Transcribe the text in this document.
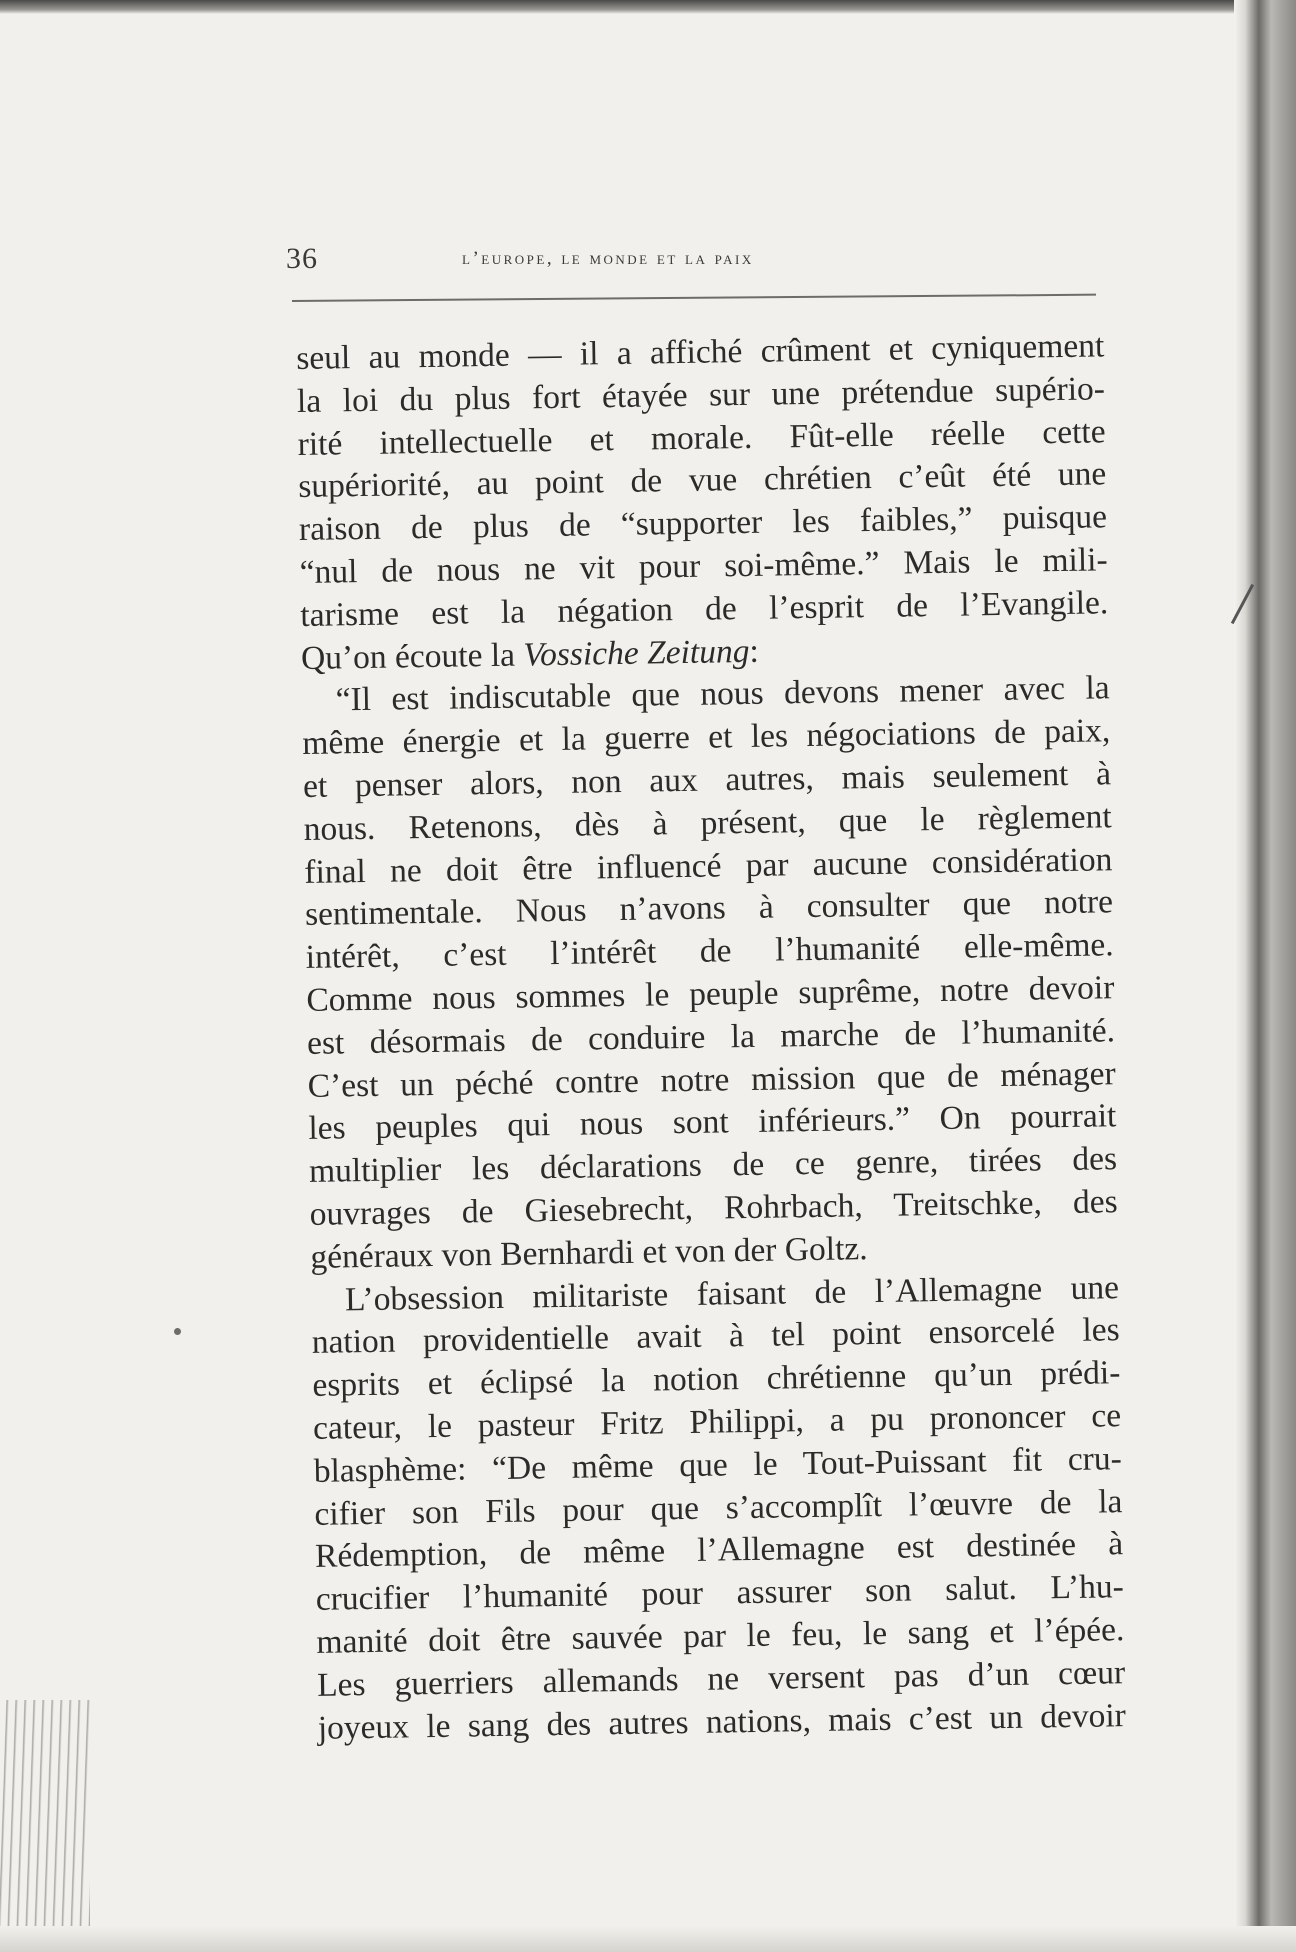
36	l’europe, le monde et la paix
seul au monde — il a affiché crûment et cyniquement
la loi du plus fort étayée sur une prétendue supério-
rité intellectuelle et morale. Fût-elle réelle cette
supériorité, au point de vue chrétien c’eût été une
raison de plus de “supporter les faibles,” puisque
“nul de nous ne vit pour soi-même.” Mais le mili-
tarisme est la négation de l’esprit de l’Evangile.
Qu’on écoute la Vossiche Zeitung:
“Il est indiscutable que nous devons mener avec la
même énergie et la guerre et les négociations de paix,
et penser alors, non aux autres, mais seulement à
nous. Retenons, dès à présent, que le règlement
final ne doit être influencé par aucune considération
sentimentale. Nous n’avons à consulter que notre
intérêt, c’est l’intérêt de l’humanité elle-même.
Comme nous sommes le peuple suprême, notre devoir
est désormais de conduire la marche de l’humanité.
C’est un péché contre notre mission que de ménager
les peuples qui nous sont inférieurs.” On pourrait
multiplier les déclarations de ce genre, tirées des
ouvrages de Giesebrecht, Rohrbach, Treitschke, des
généraux von Bernhardi et von der Goltz.
L’obsession militariste faisant de l’Allemagne une
nation providentielle avait à tel point ensorcelé les
esprits et éclipsé la notion chrétienne qu’un prédi-
cateur, le pasteur Fritz Philippi, a pu prononcer ce
blasphème: “De même que le Tout-Puissant fit cru-
cifier son Fils pour que s’accomplît l’œuvre de la
Rédemption, de même l’Allemagne est destinée à
crucifier l’humanité pour assurer son salut. L’hu-
manité doit être sauvée par le feu, le sang et l’épée.
Les guerriers allemands ne versent pas d’un cœur
joyeux le sang des autres nations, mais c’est un devoir
